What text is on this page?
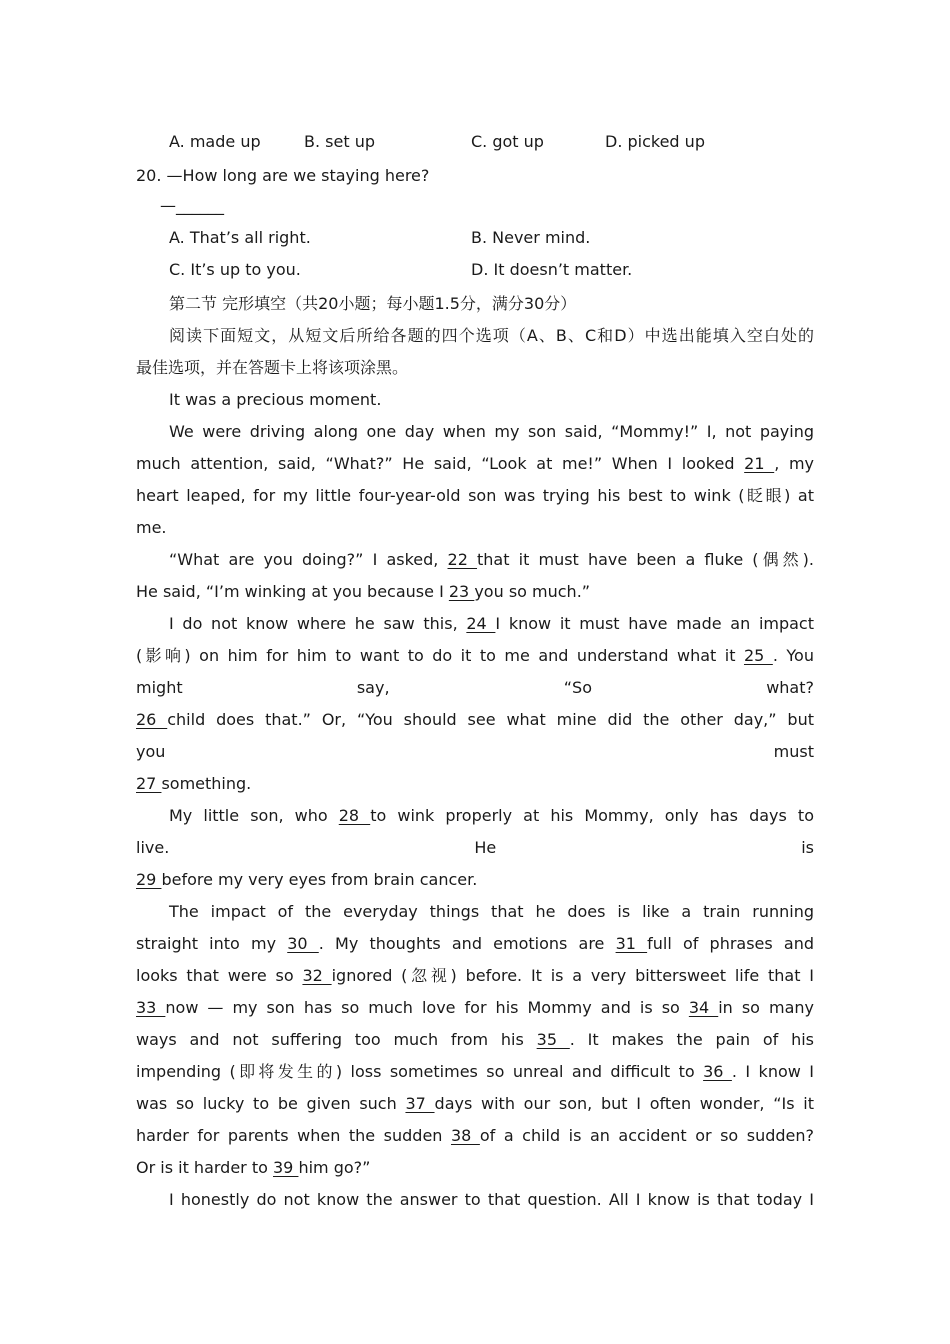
A. made up	B. set up	C. got up	D. picked up
20. —How long are we staying here?
—______
A. That’s all right.	B. Never mind.
C. It’s up to you.	D. It doesn’t matter.
第二节 完形填空（共20小题；每小题1.5分，满分30分）
阅读下面短文，从短文后所给各题的四个选项（A、B、C和D）中选出能填入空白处的
最佳选项，并在答题卡上将该项涂黑。
It was a precious moment.
We were driving along one day when my son said, “Mommy!” I, not paying
much attention, said, “What?” He said, “Look at me!” When I looked 21 , my
heart leaped, for my little four-year-old son was trying his best to wink (眨眼) at
me.
“What are you doing?” I asked, 22 that it must have been a fluke (偶然).
He said, “I’m winking at you because I 23 you so much.”
I do not know where he saw this, 24 I know it must have made an impact
(影响) on him for him to want to do it to me and understand what it 25 . You
might	say,	“So	what?
26 child does that.” Or, “You should see what mine did the other day,” but
you	must
27 something.
My little son, who 28 to wink properly at his Mommy, only has days to
live.	He	is
29 before my very eyes from brain cancer.
The impact of the everyday things that he does is like a train running
straight into my 30 . My thoughts and emotions are 31 full of phrases and
looks that were so 32 ignored (忽视) before. It is a very bittersweet life that I
33 now — my son has so much love for his Mommy and is so 34 in so many
ways and not suffering too much from his 35 . It makes the pain of his
impending (即将发生的) loss sometimes so unreal and difficult to 36 . I know I
was so lucky to be given such 37 days with our son, but I often wonder, “Is it
harder for parents when the sudden 38 of a child is an accident or so sudden?
Or is it harder to 39 him go?”
I honestly do not know the answer to that question. All I know is that today I
